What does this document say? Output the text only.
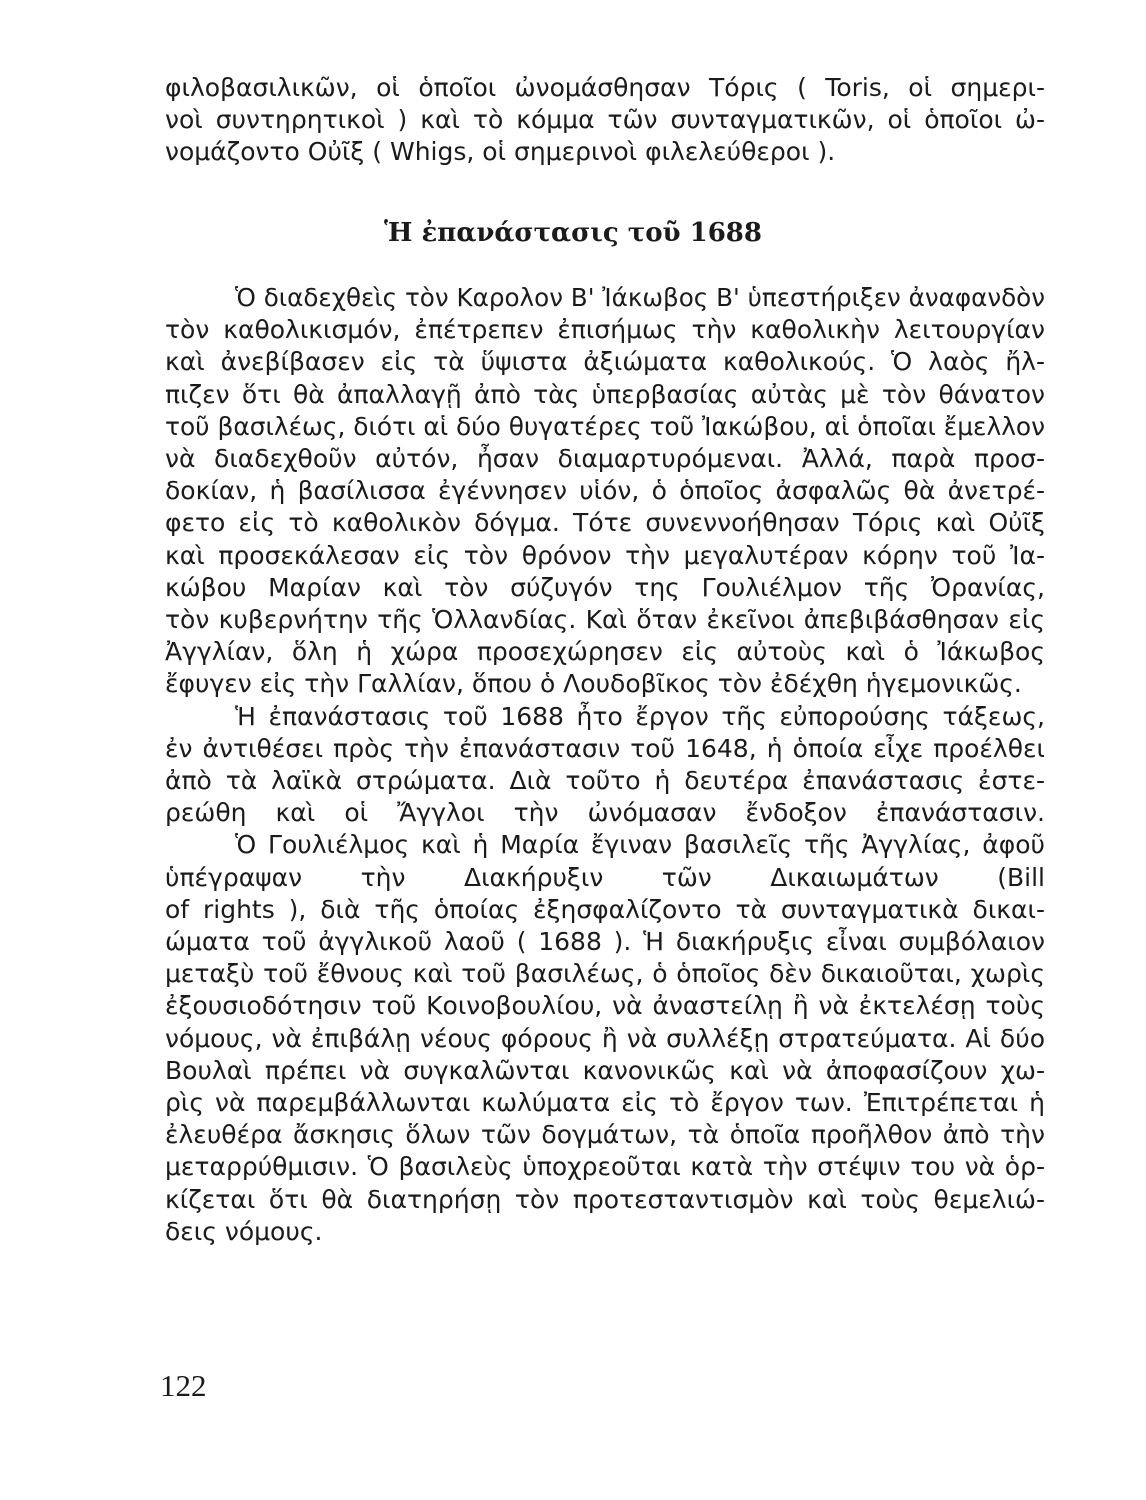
φιλοβασιλικῶν, οἱ ὁποῖοι ὠνομάσθησαν Τόρις ( Toris, οἱ σημερι-
νοὶ συντηρητικοὶ ) καὶ τὸ κόμμα τῶν συνταγματικῶν, οἱ ὁποῖοι ὠ-
νομάζοντο Οὐῖξ ( Whigs, οἱ σημερινοὶ φιλελεύθεροι ).
Ἡ ἐπανάστασις τοῦ 1688
Ὁ διαδεχθεὶς τὸν Καρολον Β' Ἰάκωβος Β' ὑπεστήριξεν ἀναφανδὸν
τὸν καθολικισμόν, ἐπέτρεπεν ἐπισήμως τὴν καθολικὴν λειτουργίαν
καὶ ἀνεβίβασεν εἰς τὰ ὕψιστα ἀξιώματα καθολικούς. Ὁ λαὸς ἤλ-
πιζεν ὅτι θὰ ἀπαλλαγῇ ἀπὸ τὰς ὑπερβασίας αὐτὰς μὲ τὸν θάνατον
τοῦ βασιλέως, διότι αἱ δύο θυγατέρες τοῦ Ἰακώβου, αἱ ὁποῖαι ἔμελλον
νὰ διαδεχθοῦν αὐτόν, ἦσαν διαμαρτυρόμεναι. Ἀλλά, παρὰ προσ-
δοκίαν, ἡ βασίλισσα ἐγέννησεν υἱόν, ὁ ὁποῖος ἀσφαλῶς θὰ ἀνετρέ-
φετο εἰς τὸ καθολικὸν δόγμα. Τότε συνεννοήθησαν Τόρις καὶ Οὐῖξ
καὶ προσεκάλεσαν εἰς τὸν θρόνον τὴν μεγαλυτέραν κόρην τοῦ Ἰα-
κώβου Μαρίαν καὶ τὸν σύζυγόν της Γουλιέλμον τῆς Ὀρανίας,
τὸν κυβερνήτην τῆς Ὁλλανδίας. Καὶ ὅταν ἐκεῖνοι ἀπεβιβάσθησαν εἰς
Ἀγγλίαν, ὅλη ἡ χώρα προσεχώρησεν εἰς αὐτοὺς καὶ ὁ Ἰάκωβος
ἔφυγεν εἰς τὴν Γαλλίαν, ὅπου ὁ Λουδοβῖκος τὸν ἐδέχθη ἡγεμονικῶς.
Ἡ ἐπανάστασις τοῦ 1688 ἦτο ἔργον τῆς εὐπορούσης τάξεως,
ἐν ἀντιθέσει πρὸς τὴν ἐπανάστασιν τοῦ 1648, ἡ ὁποία εἶχε προέλθει
ἀπὸ τὰ λαϊκὰ στρώματα. Διὰ τοῦτο ἡ δευτέρα ἐπανάστασις ἐστε-
ρεώθη καὶ οἱ Ἄγγλοι τὴν ὠνόμασαν ἔνδοξον ἐπανάστασιν.
Ὁ Γουλιέλμος καὶ ἡ Μαρία ἔγιναν βασιλεῖς τῆς Ἀγγλίας, ἀφοῦ
ὑπέγραψαν τὴν Διακήρυξιν τῶν Δικαιωμάτων (Bill
of rights ), διὰ τῆς ὁποίας ἐξησφαλίζοντο τὰ συνταγματικὰ δικαι-
ώματα τοῦ ἀγγλικοῦ λαοῦ ( 1688 ). Ἡ διακήρυξις εἶναι συμβόλαιον
μεταξὺ τοῦ ἔθνους καὶ τοῦ βασιλέως, ὁ ὁποῖος δὲν δικαιοῦται, χωρὶς
ἐξουσιοδότησιν τοῦ Κοινοβουλίου, νὰ ἀναστείλῃ ἢ νὰ ἐκτελέσῃ τοὺς
νόμους, νὰ ἐπιβάλῃ νέους φόρους ἢ νὰ συλλέξῃ στρατεύματα. Αἱ δύο
Βουλαὶ πρέπει νὰ συγκαλῶνται κανονικῶς καὶ νὰ ἀποφασίζουν χω-
ρὶς νὰ παρεμβάλλωνται κωλύματα εἰς τὸ ἔργον των. Ἐπιτρέπεται ἡ
ἐλευθέρα ἄσκησις ὅλων τῶν δογμάτων, τὰ ὁποῖα προῆλθον ἀπὸ τὴν
μεταρρύθμισιν. Ὁ βασιλεὺς ὑποχρεοῦται κατὰ τὴν στέψιν του νὰ ὁρ-
κίζεται ὅτι θὰ διατηρήσῃ τὸν προτεσταντισμὸν καὶ τοὺς θεμελιώ-
δεις νόμους.
122
